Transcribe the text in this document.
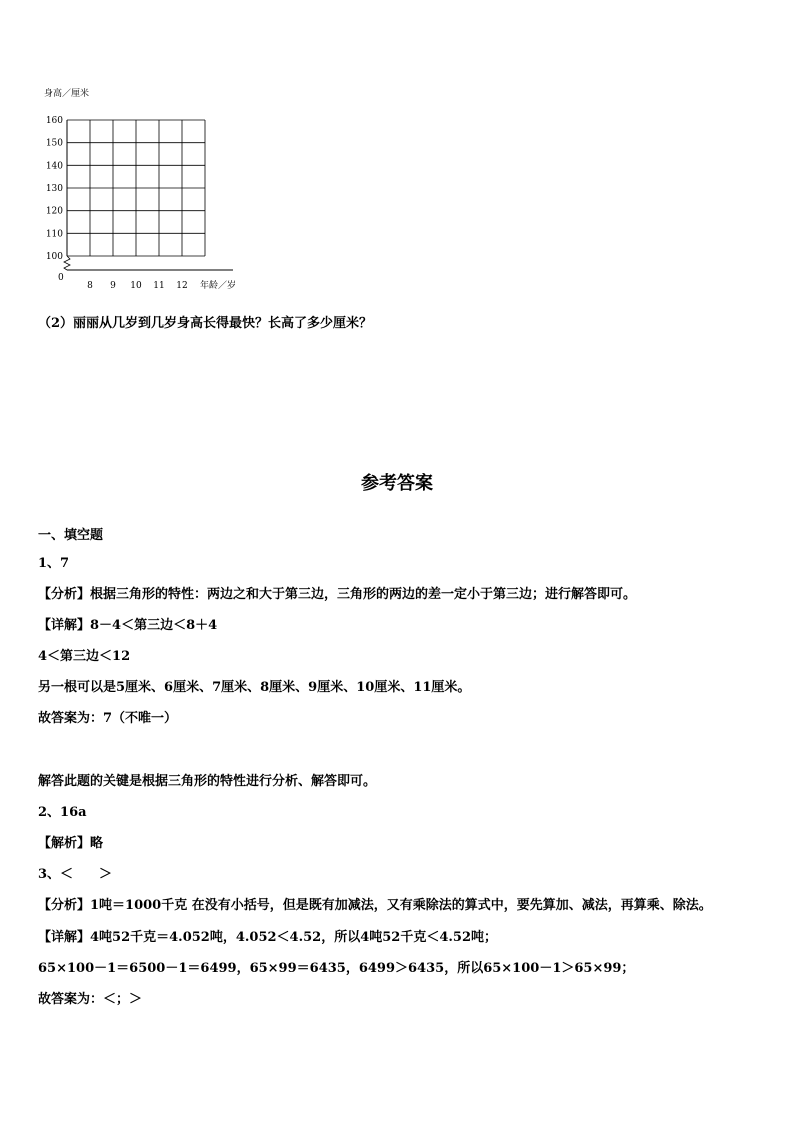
身高／厘米
160
150
140
130
120
110
100
8 9 10 11 12
0
年龄／岁
（2）丽丽从几岁到几岁身高长得最快？长高了多少厘米？
参考答案
一、填空题
1、7
【分析】根据三角形的特性：两边之和大于第三边，三角形的两边的差一定小于第三边；进行解答即可。
【详解】8－4＜第三边＜8＋4
4＜第三边＜12
另一根可以是5厘米、6厘米、7厘米、8厘米、9厘米、10厘米、11厘米。
故答案为：7（不唯一）
解答此题的关键是根据三角形的特性进行分析、解答即可。
2、16a
【解析】略
3、＜　　＞
【分析】1吨＝1000千克 在没有小括号，但是既有加减法，又有乘除法的算式中，要先算加、减法，再算乘、除法。
【详解】4吨52千克＝4.052吨，4.052＜4.52，所以4吨52千克＜4.52吨；
65×100－1＝6500－1＝6499，65×99＝6435，6499＞6435，所以65×100－1＞65×99；
故答案为：＜；＞
